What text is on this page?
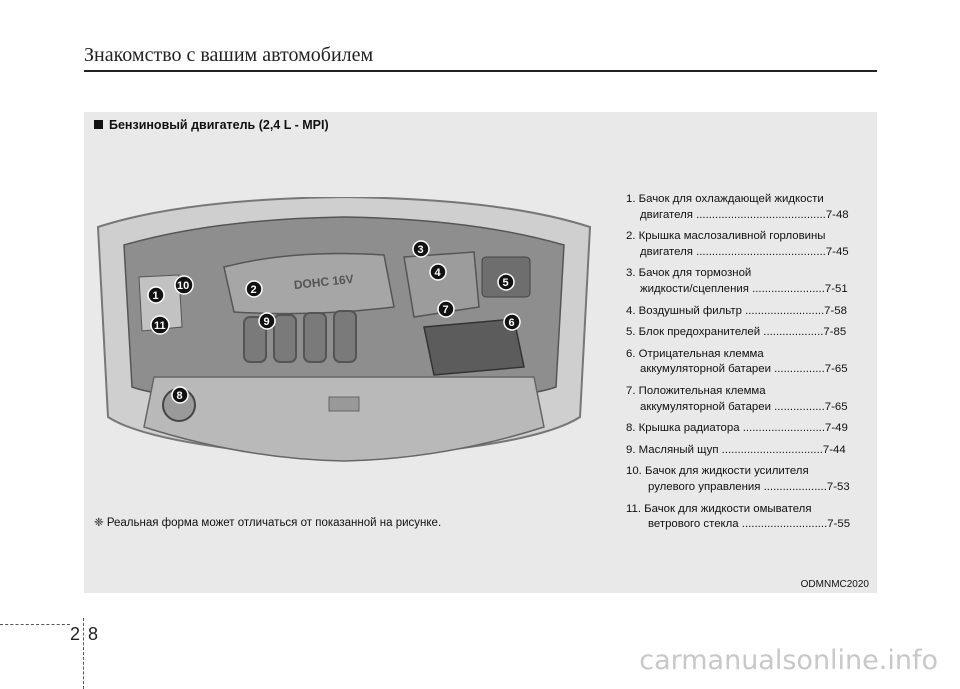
Знакомство с вашим автомобилем
Бензиновый двигатель (2,4 L - MPI)
DOHC 16V
1	2
3
4
5
6
7
8
9
10
11
1. Бачок для охлаждающей жидкости
двигателя .........................................7-48
2. Крышка маслозаливной горловины
двигателя .........................................7-45
3. Бачок для тормозной
жидкости/сцепления .......................7-51
4. Воздушный фильтр .........................7-58
5. Блок предохранителей ...................7-85
6. Отрицательная клемма
аккумуляторной батареи ................7-65
7. Положительная клемма
аккумуляторной батареи ................7-65
8. Крышка радиатора ..........................7-49
9. Масляный щуп ................................7-44
10. Бачок для жидкости усилителя
рулевого управления ....................7-53
11. Бачок для жидкости омывателя
ветрового стекла ...........................7-55
❈ Реальная форма может отличаться от показанной на рисунке.
ODMNMC2020
2 8
carmanualsonline.info
